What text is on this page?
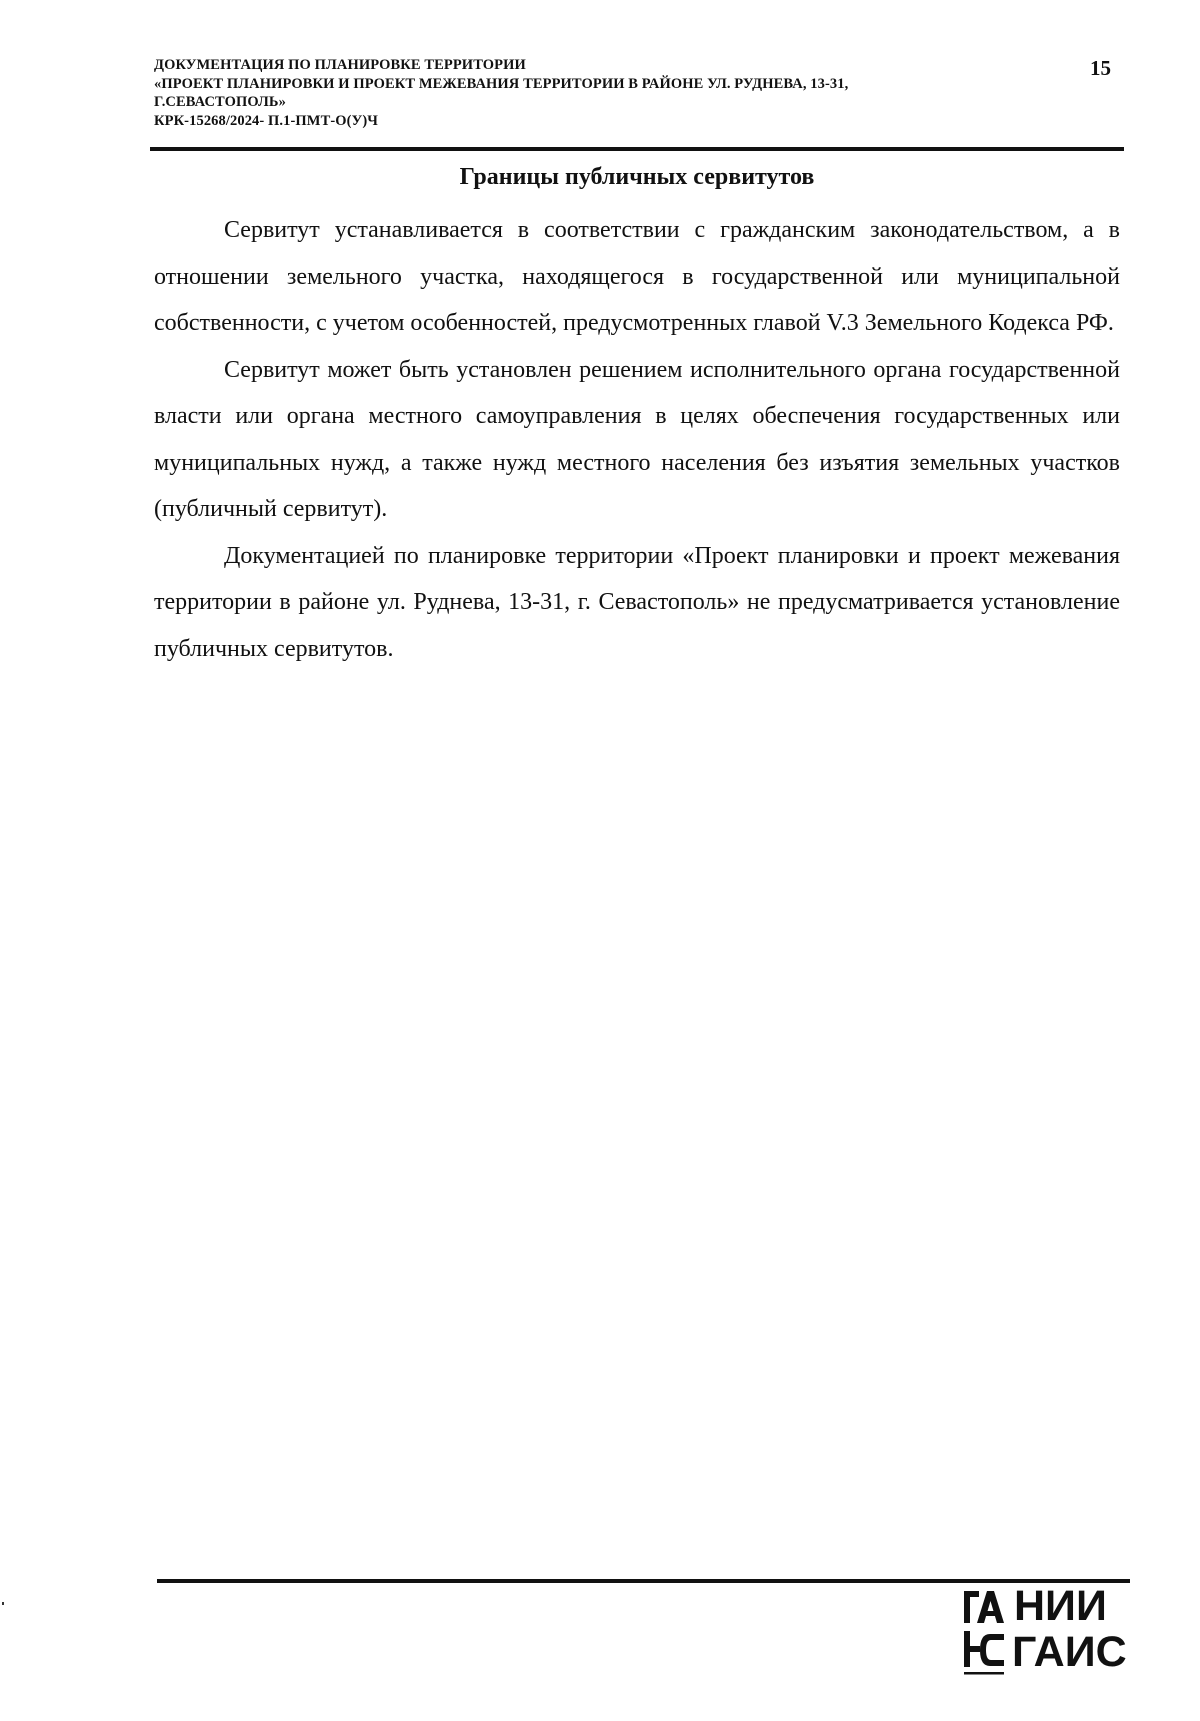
ДОКУМЕНТАЦИЯ ПО ПЛАНИРОВКЕ ТЕРРИТОРИИ
«ПРОЕКТ ПЛАНИРОВКИ И ПРОЕКТ МЕЖЕВАНИЯ ТЕРРИТОРИИ В РАЙОНЕ УЛ. РУДНЕВА, 13-31,
Г.СЕВАСТОПОЛЬ»
КРК-15268/2024- П.1-ПМТ-О(У)Ч
15
Границы публичных сервитутов

Сервитут устанавливается в соответствии с гражданским законодательством, а в отношении земельного участка, находящегося в государственной или муниципальной собственности, с учетом особенностей, предусмотренных главой V.3 Земельного Кодекса РФ.

Сервитут может быть установлен решением исполнительного органа государственной власти или органа местного самоуправления в целях обеспечения государственных или муниципальных нужд, а также нужд местного населения без изъятия земельных участков (публичный сервитут).

Документацией по планировке территории «Проект планировки и проект межевания территории в районе ул. Руднева, 13-31, г. Севастополь» не предусматривается установление публичных сервитутов.

НИИ
ГАИС
